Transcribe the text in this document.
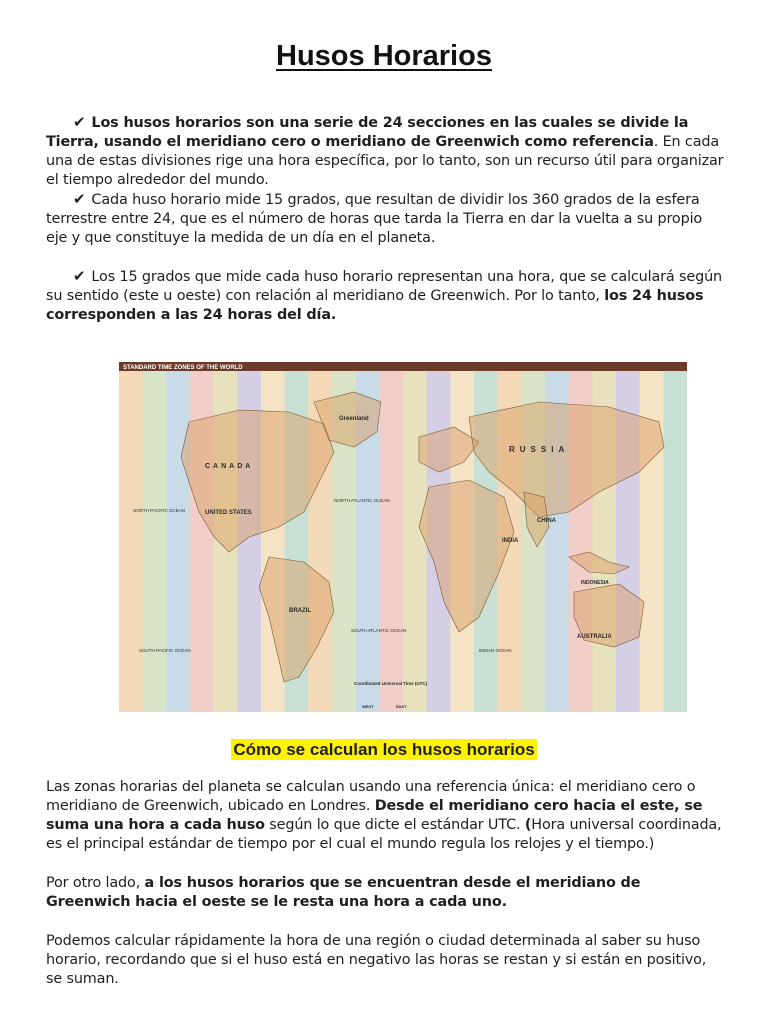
Husos Horarios
✔ Los husos horarios son una serie de 24 secciones en las cuales se divide la Tierra, usando el meridiano cero o meridiano de Greenwich como referencia. En cada una de estas divisiones rige una hora específica, por lo tanto, son un recurso útil para organizar el tiempo alrededor del mundo.
✔ Cada huso horario mide 15 grados, que resultan de dividir los 360 grados de la esfera terrestre entre 24, que es el número de horas que tarda la Tierra en dar la vuelta a su propio eje y que constituye la medida de un día en el planeta.
✔ Los 15 grados que mide cada huso horario representan una hora, que se calculará según su sentido (este u oeste) con relación al meridiano de Greenwich. Por lo tanto, los 24 husos corresponden a las 24 horas del día.
STANDARD TIME ZONES OF THE WORLD
CANADA
UNITED STATES
Greenland
RUSSIA
CHINA
INDIA
BRAZIL
INDONESIA
AUSTRALIA
NORTH ATLANTIC OCEAN
NORTH PACIFIC OCEAN
SOUTH PACIFIC OCEAN
SOUTH ATLANTIC OCEAN
INDIAN OCEAN
Coordinated Universal Time (UTC)
WEST	EAST
Cómo se calculan los husos horarios
Las zonas horarias del planeta se calculan usando una referencia única: el meridiano cero o meridiano de Greenwich, ubicado en Londres. Desde el meridiano cero hacia el este, se suma una hora a cada huso según lo que dicte el estándar UTC. (Hora universal coordinada, es el principal estándar de tiempo por el cual el mundo regula los relojes y el tiempo.)
Por otro lado, a los husos horarios que se encuentran desde el meridiano de Greenwich hacia el oeste se le resta una hora a cada uno.
Podemos calcular rápidamente la hora de una región o ciudad determinada al saber su huso horario, recordando que si el huso está en negativo las horas se restan y si están en positivo, se suman.
